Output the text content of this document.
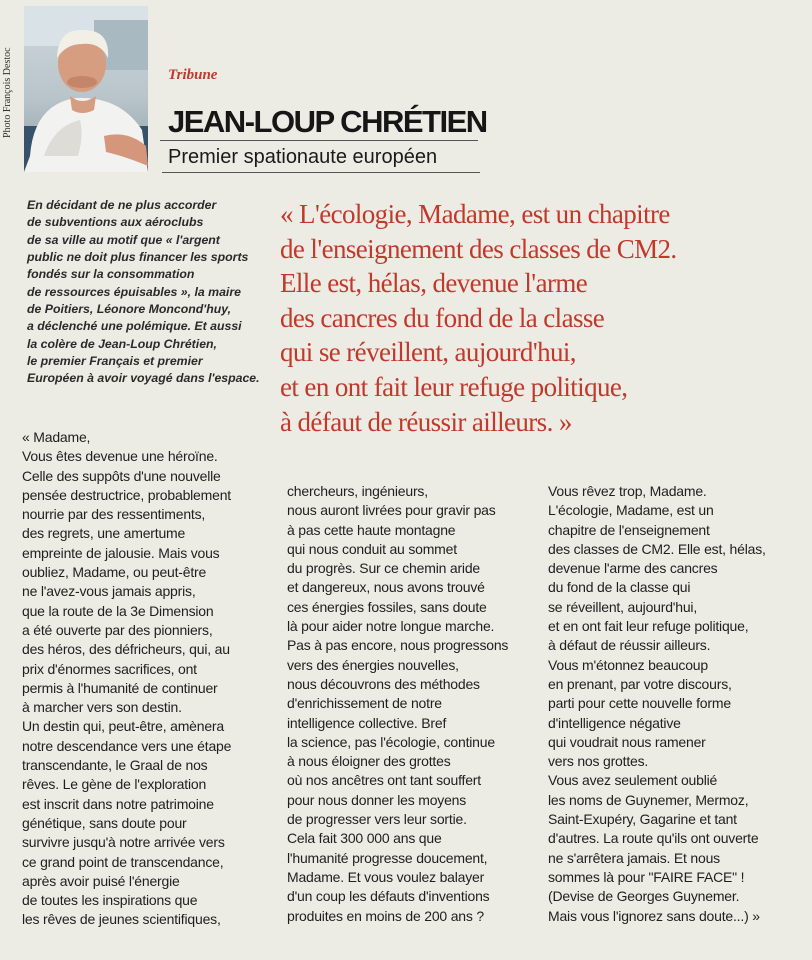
Photo François Destoc	Tribune
JEAN-LOUP CHRÉTIEN
Premier spationaute européen
En décidant de ne plus accorder
de subventions aux aéroclubs
de sa ville au motif que « l'argent
public ne doit plus financer les sports
fondés sur la consommation
de ressources épuisables », la maire
de Poitiers, Léonore Moncond'huy,
a déclenché une polémique. Et aussi
la colère de Jean-Loup Chrétien,
le premier Français et premier
Européen à avoir voyagé dans l'espace.
« L'écologie, Madame, est un chapitre
de l'enseignement des classes de CM2.
Elle est, hélas, devenue l'arme
des cancres du fond de la classe
qui se réveillent, aujourd'hui,
et en ont fait leur refuge politique,
à défaut de réussir ailleurs. »
« Madame,
Vous êtes devenue une héroïne.
Celle des suppôts d'une nouvelle
pensée destructrice, probablement
nourrie par des ressentiments,
des regrets, une amertume
empreinte de jalousie. Mais vous
oubliez, Madame, ou peut-être
ne l'avez-vous jamais appris,
que la route de la 3e Dimension
a été ouverte par des pionniers,
des héros, des défricheurs, qui, au
prix d'énormes sacrifices, ont
permis à l'humanité de continuer
à marcher vers son destin.
Un destin qui, peut-être, amènera
notre descendance vers une étape
transcendante, le Graal de nos
rêves. Le gène de l'exploration
est inscrit dans notre patrimoine
génétique, sans doute pour
survivre jusqu'à notre arrivée vers
ce grand point de transcendance,
après avoir puisé l'énergie
de toutes les inspirations que
les rêves de jeunes scientifiques,
chercheurs, ingénieurs,
nous auront livrées pour gravir pas
à pas cette haute montagne
qui nous conduit au sommet
du progrès. Sur ce chemin aride
et dangereux, nous avons trouvé
ces énergies fossiles, sans doute
là pour aider notre longue marche.
Pas à pas encore, nous progressons
vers des énergies nouvelles,
nous découvrons des méthodes
d'enrichissement de notre
intelligence collective. Bref
la science, pas l'écologie, continue
à nous éloigner des grottes
où nos ancêtres ont tant souffert
pour nous donner les moyens
de progresser vers leur sortie.
Cela fait 300 000 ans que
l'humanité progresse doucement,
Madame. Et vous voulez balayer
d'un coup les défauts d'inventions
produites en moins de 200 ans ?
Vous rêvez trop, Madame.
L'écologie, Madame, est un
chapitre de l'enseignement
des classes de CM2. Elle est, hélas,
devenue l'arme des cancres
du fond de la classe qui
se réveillent, aujourd'hui,
et en ont fait leur refuge politique,
à défaut de réussir ailleurs.
Vous m'étonnez beaucoup
en prenant, par votre discours,
parti pour cette nouvelle forme
d'intelligence négative
qui voudrait nous ramener
vers nos grottes.
Vous avez seulement oublié
les noms de Guynemer, Mermoz,
Saint-Exupéry, Gagarine et tant
d'autres. La route qu'ils ont ouverte
ne s'arrêtera jamais. Et nous
sommes là pour "FAIRE FACE" !
(Devise de Georges Guynemer.
Mais vous l'ignorez sans doute...) »
